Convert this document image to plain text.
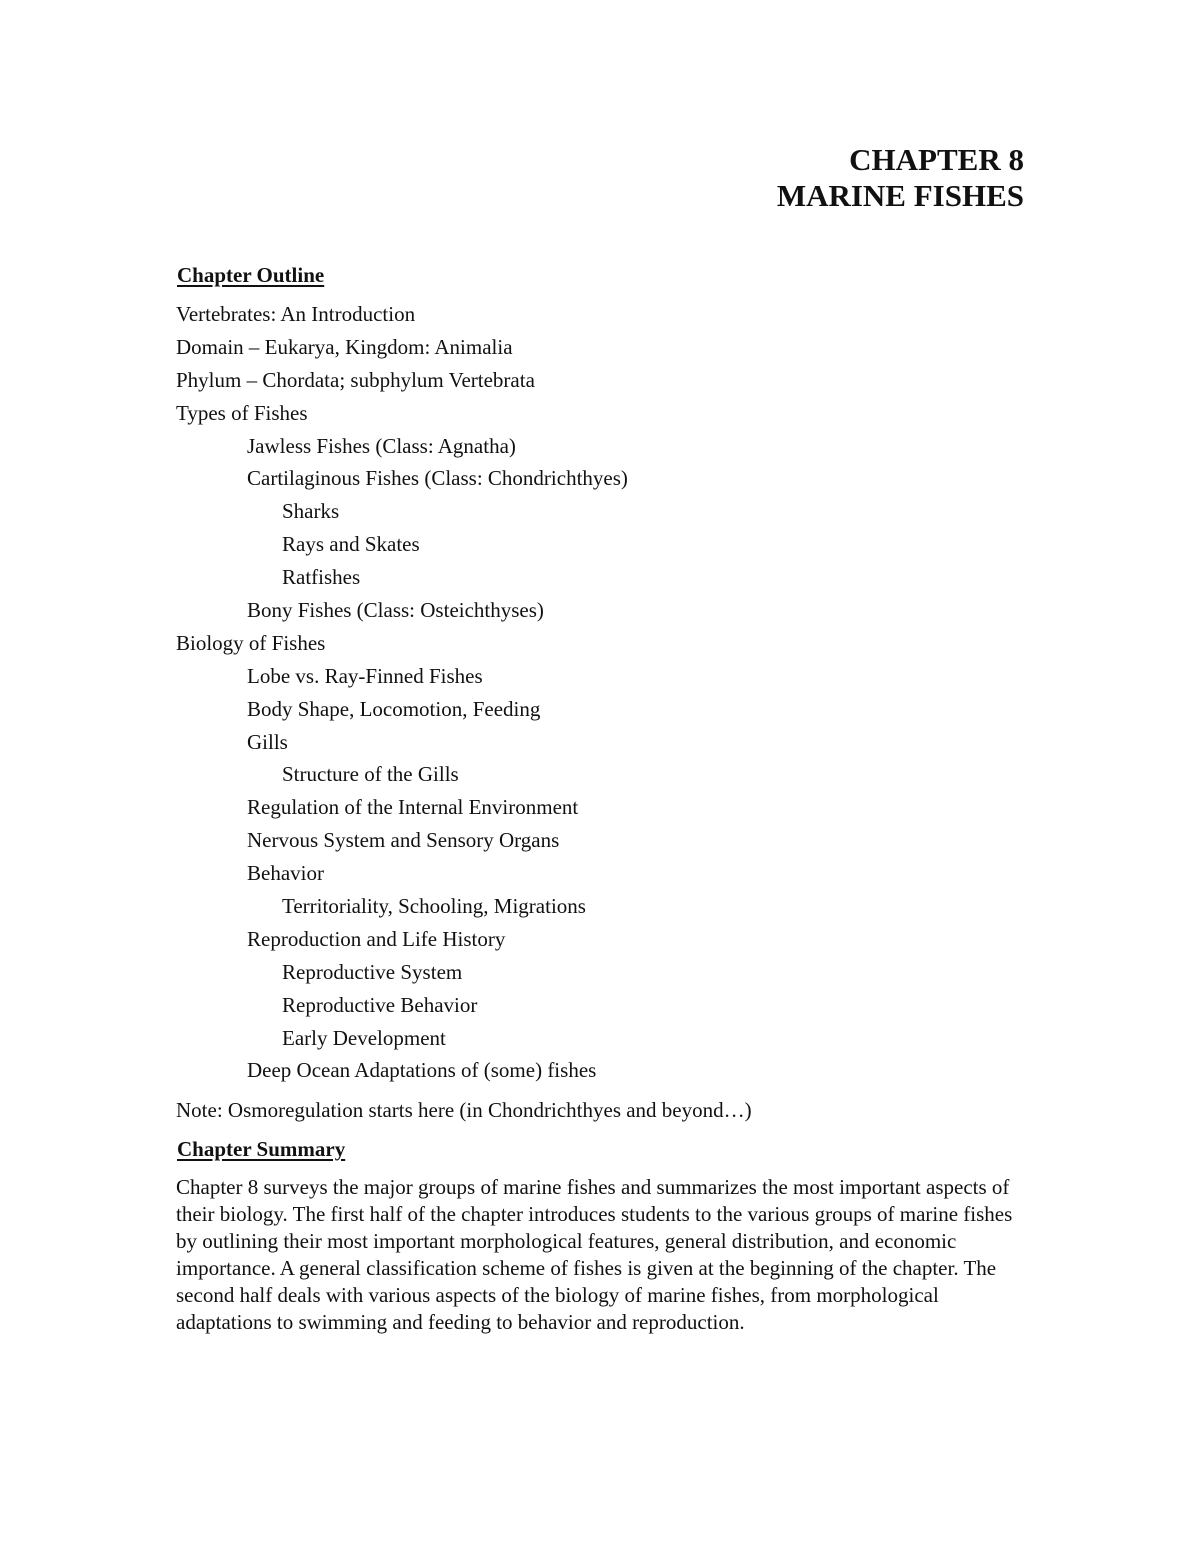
CHAPTER 8
MARINE FISHES
Chapter Outline
Vertebrates: An Introduction
Domain – Eukarya, Kingdom: Animalia
Phylum – Chordata; subphylum Vertebrata
Types of Fishes
Jawless Fishes (Class: Agnatha)
Cartilaginous Fishes (Class: Chondrichthyes)
Sharks
Rays and Skates
Ratfishes
Bony Fishes (Class: Osteichthyses)
Biology of Fishes
Lobe vs. Ray-Finned Fishes
Body Shape, Locomotion, Feeding
Gills
Structure of the Gills
Regulation of the Internal Environment
Nervous System and Sensory Organs
Behavior
Territoriality, Schooling, Migrations
Reproduction and Life History
Reproductive System
Reproductive Behavior
Early Development
Deep Ocean Adaptations of (some) fishes
Note: Osmoregulation starts here (in Chondrichthyes and beyond…)
Chapter Summary

Chapter 8 surveys the major groups of marine fishes and summarizes the most important aspects of their biology. The first half of the chapter introduces students to the various groups of marine fishes by outlining their most important morphological features, general distribution, and economic importance. A general classification scheme of fishes is given at the beginning of the chapter. The second half deals with various aspects of the biology of marine fishes, from morphological adaptations to swimming and feeding to behavior and reproduction.
